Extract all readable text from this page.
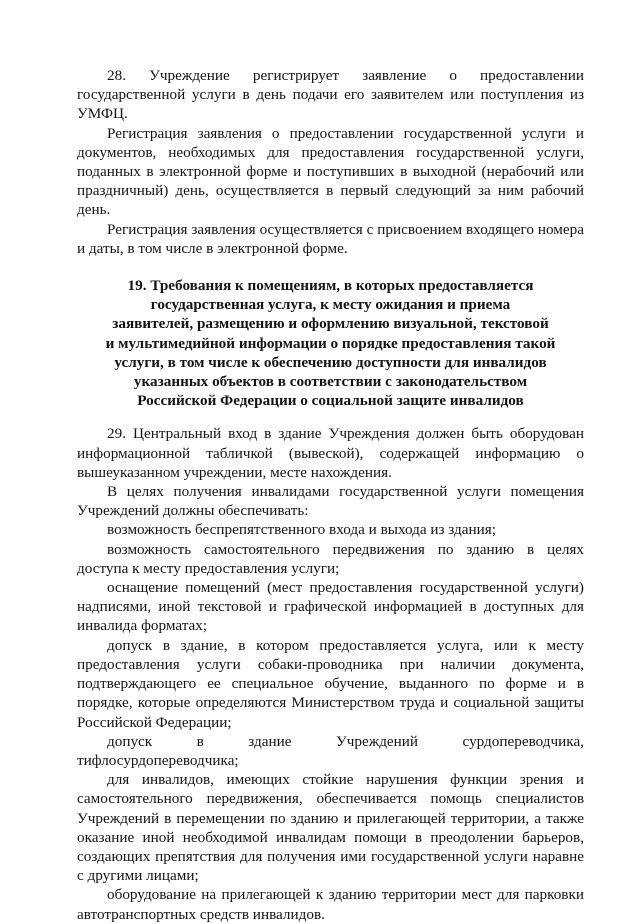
28. Учреждение регистрирует заявление о предоставлении государственной услуги в день подачи его заявителем или поступления из УМФЦ.

Регистрация заявления о предоставлении государственной услуги и документов, необходимых для предоставления государственной услуги, поданных в электронной форме и поступивших в выходной (нерабочий или праздничный) день, осуществляется в первый следующий за ним рабочий день.

Регистрация заявления осуществляется с присвоением входящего номера и даты, в том числе в электронной форме.

19. Требования к помещениям, в которых предоставляется
государственная услуга, к месту ожидания и приема
заявителей, размещению и оформлению визуальной, текстовой
и мультимедийной информации о порядке предоставления такой
услуги, в том числе к обеспечению доступности для инвалидов
указанных объектов в соответствии с законодательством
Российской Федерации о социальной защите инвалидов

29. Центральный вход в здание Учреждения должен быть оборудован информационной табличкой (вывеской), содержащей информацию о вышеуказанном учреждении, месте нахождения.

В целях получения инвалидами государственной услуги помещения Учреждений должны обеспечивать:

возможность беспрепятственного входа и выхода из здания;

возможность самостоятельного передвижения по зданию в целях доступа к месту предоставления услуги;

оснащение помещений (мест предоставления государственной услуги) надписями, иной текстовой и графической информацией в доступных для инвалида форматах;

допуск в здание, в котором предоставляется услуга, или к месту предоставления услуги собаки-проводника при наличии документа, подтверждающего ее специальное обучение, выданного по форме и в порядке, которые определяются Министерством труда и социальной защиты Российской Федерации;

допуск в здание Учреждений сурдопереводчика, тифлосурдопереводчика;

для инвалидов, имеющих стойкие нарушения функции зрения и самостоятельного передвижения, обеспечивается помощь специалистов Учреждений в перемещении по зданию и прилегающей территории, а также оказание иной необходимой инвалидам помощи в преодолении барьеров, создающих препятствия для получения ими государственной услуги наравне с другими лицами;

оборудование на прилегающей к зданию территории мест для парковки автотранспортных средств инвалидов.
